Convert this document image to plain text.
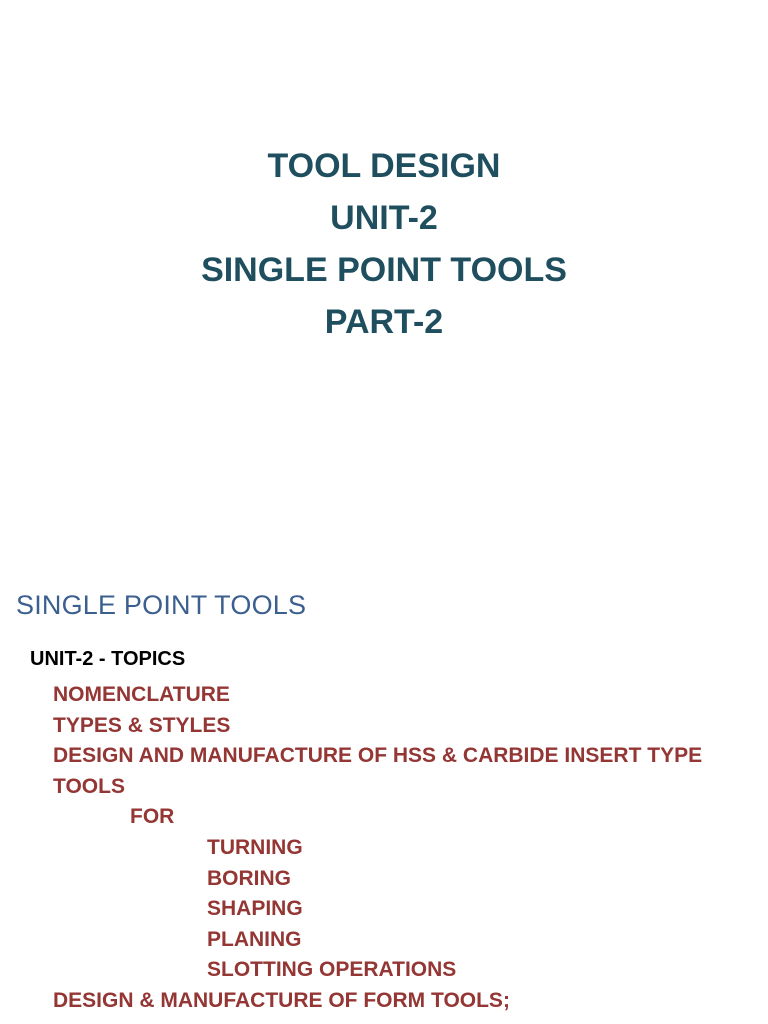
TOOL DESIGN
UNIT-2
SINGLE POINT TOOLS
PART-2
SINGLE POINT TOOLS
UNIT-2 - TOPICS
NOMENCLATURE
TYPES & STYLES
DESIGN AND MANUFACTURE OF HSS & CARBIDE INSERT TYPE
TOOLS
FOR
TURNING
BORING
SHAPING
PLANING
SLOTTING OPERATIONS
DESIGN & MANUFACTURE OF FORM TOOLS;
